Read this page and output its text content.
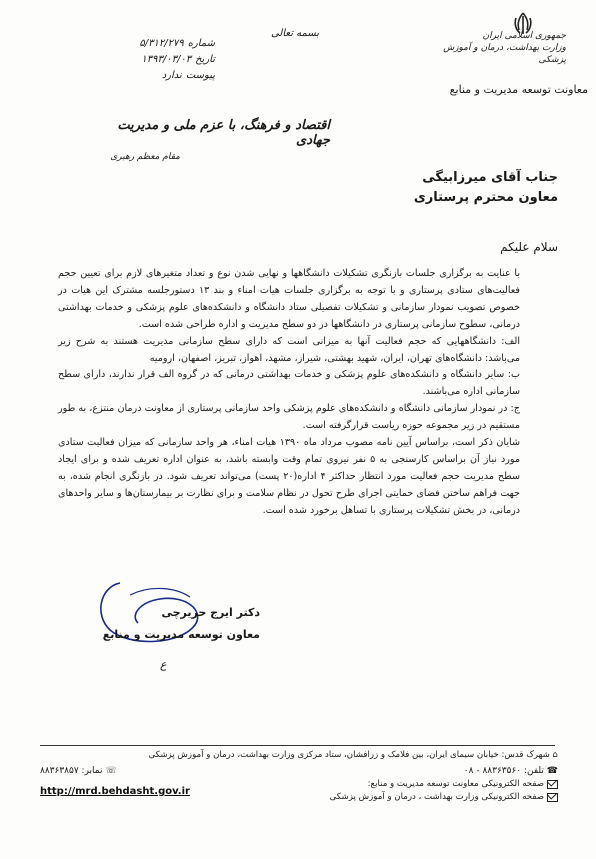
جمهوری اسلامی ایران
وزارت بهداشت، درمان و آموزش پزشکی
معاونت توسعه مدیریت و منابع
بسمه تعالی
شماره
۵/۳۱۲/۲۷۹
تاریخ
۱۳۹۳/۰۳/۰۳
پیوست
ندارد
اقتصاد و فرهنگ، با عزم ملی و مدیریت جهادی
مقام معظم رهبری
جناب آقای میرزابیگی
معاون محترم پرستاری
سلام علیکم

با عنایت به برگزاری جلسات بازنگری تشکیلات دانشگاهها و نهایی شدن نوع و تعداد متغیرهای لازم برای تعیین حجم فعالیت‌های ستادی پرستاری و با توجه به برگزاری جلسات هیات امناء و بند ۱۳ دستورجلسه مشترک این هیات در خصوص تصویب نمودار سازمانی و تشکیلات تفصیلی ستاد دانشگاه و دانشکده‌های علوم پزشکی و خدمات بهداشتی درمانی، سطوح سازمانی پرستاری در دانشگاهها در دو سطح مدیریت و اداره طراحی شده است.

الف: دانشگاههایی که حجم فعالیت آنها به میزانی است که دارای سطح سازمانی مدیریت هستند به شرح زیر می‌باشد: دانشگاه‌های تهران، ایران، شهید بهشتی، شیراز، مشهد، اهواز، تبریز، اصفهان، ارومیه

ب: سایر دانشگاه و دانشکده‌های علوم پزشکی و خدمات بهداشتی درمانی که در گروه الف قرار ندارند، دارای سطح سازمانی اداره می‌باشند.

ج: در نمودار سازمانی دانشگاه و دانشکده‌های علوم پزشکی واحد سازمانی پرستاری از معاونت درمان منتزع، به طور مستقیم در زیر مجموعه حوزه ریاست قرارگرفته است.

شایان ذکر است، براساس آیین نامه مصوب مرداد ماه ۱۳۹۰ هیات امناء، هر واحد سازمانی که میزان فعالیت ستادی مورد نیاز آن براساس کارسنجی به ۵ نفر نیروی تمام وقت وابسته باشد، به عنوان اداره تعریف شده و برای ایجاد سطح مدیریت حجم فعالیت مورد انتظار حداکثر ۴ اداره(۲۰ پست) می‌تواند تعریف شود. در بازنگری انجام شده، به جهت فراهم ساختن فضای حمایتی اجرای طرح تحول در نظام سلامت و برای نظارت بر بیمارستان‌ها و سایر واحدهای درمانی، در بخش تشکیلات پرستاری با تساهل برخورد شده است.

دکتر ایرج حریرچی
معاون توسعه مدیریت و منابع
ع
⌂ شهرک قدس: خیابان سیمای ایران، بین فلامک و زرافشان، ستاد مرکزی وزارت بهداشت، درمان و آموزش پزشکی
☎ تلفن: ۸۸۳۶۳۵۶۰ - ۰۸
☏ نمابر: ۸۸۳۶۳۸۵۷
صفحه الکترونیکی معاونت توسعه مدیریت و منابع:
صفحه الکترونیکی وزارت بهداشت ، درمان و آموزش پزشکی
http://mrd.behdasht.gov.ir
